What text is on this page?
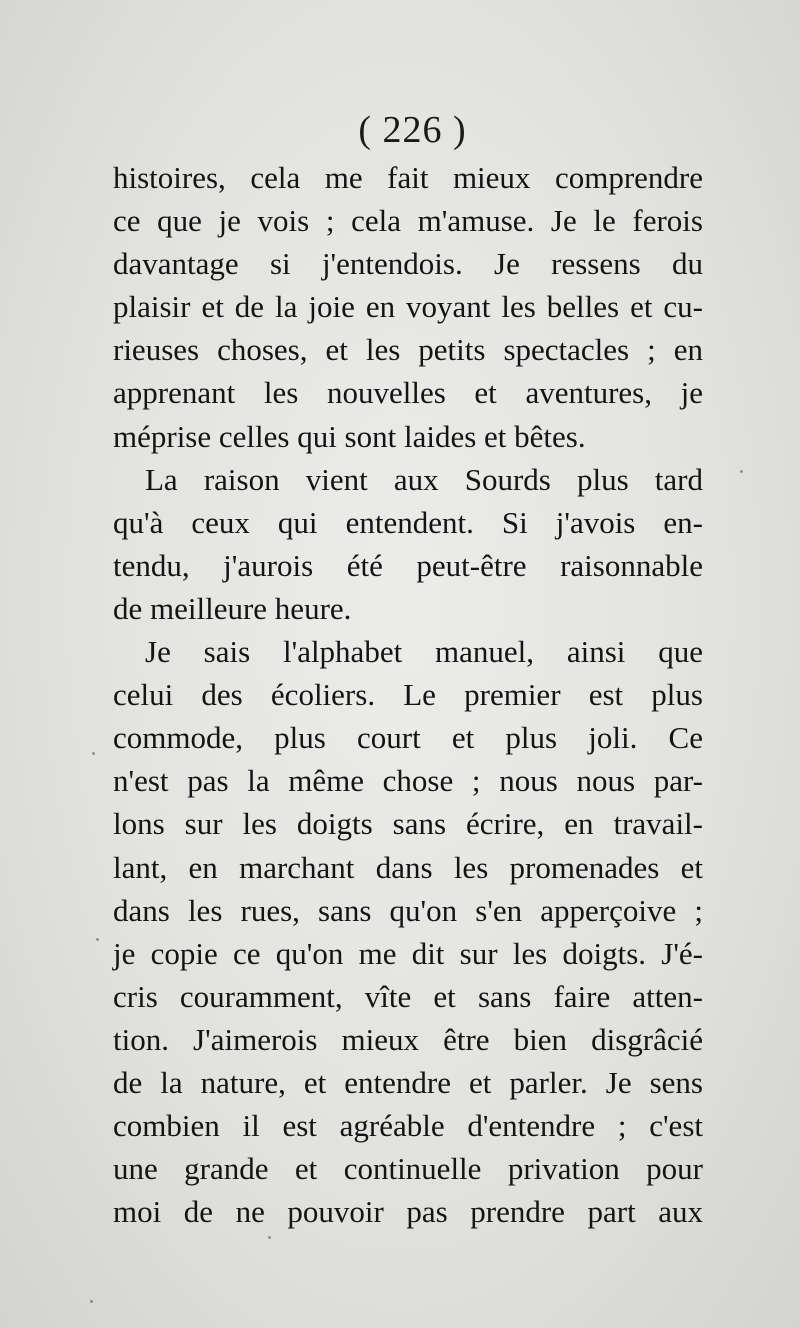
( 226 )
histoires, cela me fait mieux comprendre
ce que je vois ; cela m'amuse. Je le ferois
davantage si j'entendois. Je ressens du
plaisir et de la joie en voyant les belles et cu-
rieuses choses, et les petits spectacles ; en
apprenant les nouvelles et aventures, je
méprise celles qui sont laides et bêtes.
La raison vient aux Sourds plus tard
qu'à ceux qui entendent. Si j'avois en-
tendu, j'aurois été peut-être raisonnable
de meilleure heure.
Je sais l'alphabet manuel, ainsi que
celui des écoliers. Le premier est plus
commode, plus court et plus joli. Ce
n'est pas la même chose ; nous nous par-
lons sur les doigts sans écrire, en travail-
lant, en marchant dans les promenades et
dans les rues, sans qu'on s'en apperçoive ;
je copie ce qu'on me dit sur les doigts. J'é-
cris couramment, vîte et sans faire atten-
tion. J'aimerois mieux être bien disgrâcié
de la nature, et entendre et parler. Je sens
combien il est agréable d'entendre ; c'est
une grande et continuelle privation pour
moi de ne pouvoir pas prendre part aux
